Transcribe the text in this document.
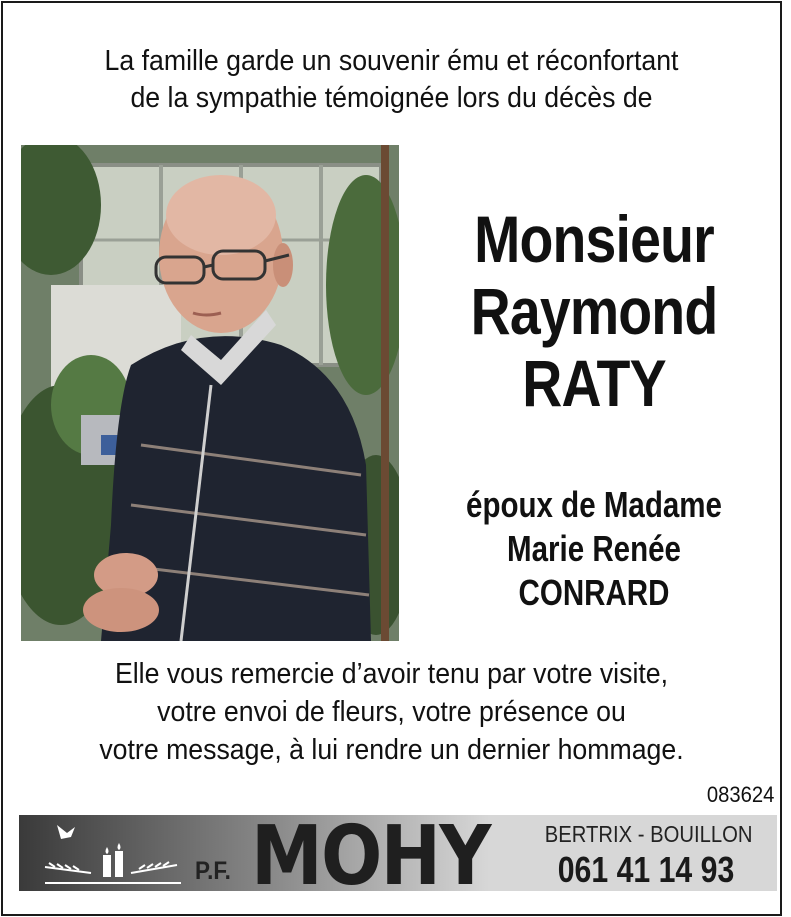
La famille garde un souvenir ému et réconfortant
de la sympathie témoignée lors du décès de
Monsieur
Raymond
RATY
époux de Madame
Marie Renée
CONRARD
Elle vous remercie d’avoir tenu par votre visite,
votre envoi de fleurs, votre présence ou
votre message, à lui rendre un dernier hommage.
083624
P.F. MOHY BERTRIX - BOUILLON
061 41 14 93
